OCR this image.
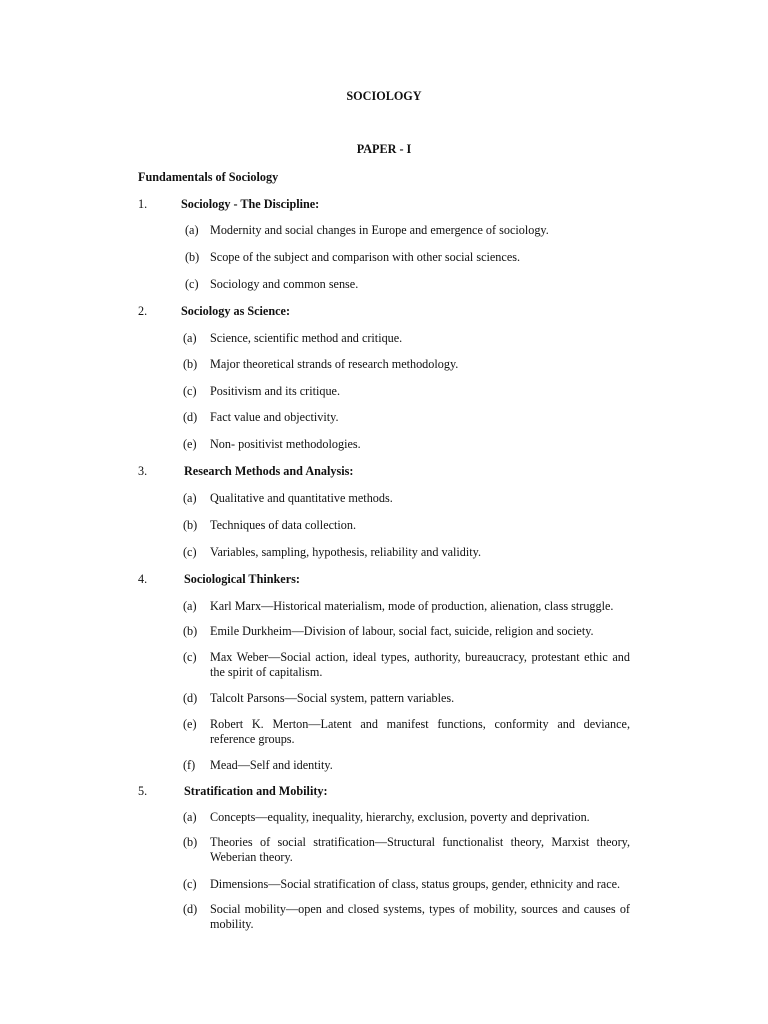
SOCIOLOGY
PAPER - I
Fundamentals of Sociology
1.	Sociology - The Discipline:
(a) Modernity and social changes in Europe and emergence of sociology.
(b) Scope of the subject and comparison with other social sciences.
(c) Sociology and common sense.
2.	Sociology as Science:
(a) Science, scientific method and critique.
(b) Major theoretical strands of research methodology.
(c) Positivism and its critique.
(d) Fact value and objectivity.
(e) Non- positivist methodologies.
3.	Research Methods and Analysis:
(a) Qualitative and quantitative methods.
(b) Techniques of data collection.
(c) Variables, sampling, hypothesis, reliability and validity.
4.	Sociological Thinkers:
(a) Karl Marx—Historical materialism, mode of production, alienation, class struggle.
(b) Emile Durkheim—Division of labour, social fact, suicide, religion and society.
(c) Max Weber—Social action, ideal types, authority, bureaucracy, protestant ethic and the spirit of capitalism.
(d) Talcolt Parsons—Social system, pattern variables.
(e) Robert K. Merton—Latent and manifest functions, conformity and deviance, reference groups.
(f) Mead—Self and identity.
5.	Stratification and Mobility:
(a) Concepts—equality, inequality, hierarchy, exclusion, poverty and deprivation.
(b) Theories of social stratification—Structural functionalist theory, Marxist theory, Weberian theory.
(c) Dimensions—Social stratification of class, status groups, gender, ethnicity and race.
(d) Social mobility—open and closed systems, types of mobility, sources and causes of mobility.
